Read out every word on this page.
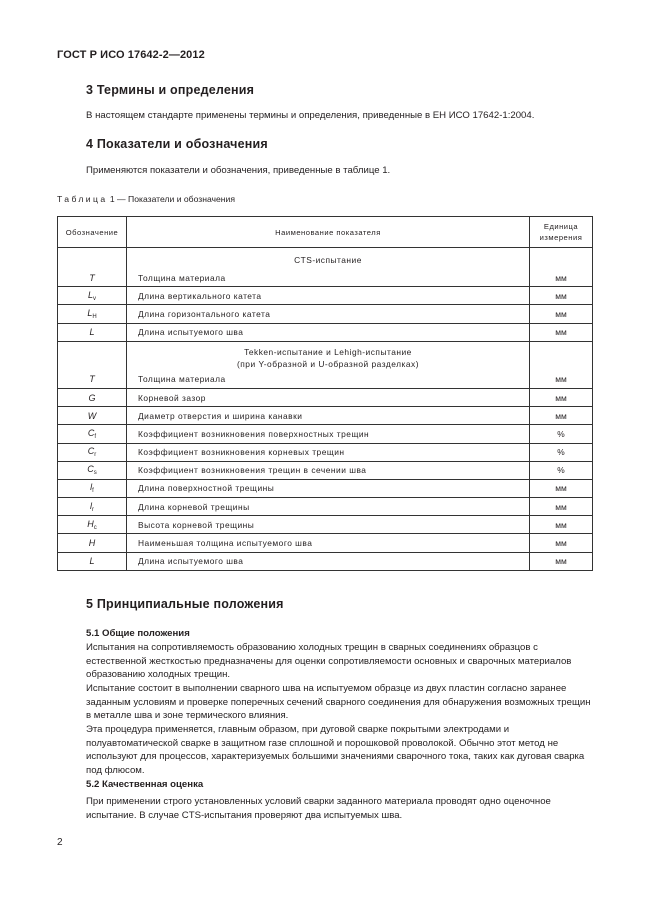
ГОСТ Р ИСО 17642-2—2012
3 Термины и определения
В настоящем стандарте применены термины и определения, приведенные в ЕН ИСО 17642-1:2004.
4 Показатели и обозначения
Применяются показатели и обозначения, приведенные в таблице 1.
Таблица 1 — Показатели и обозначения
Обозначение	Наименование показателя	Единица измерения
	CTS-испытание	
T	Толщина материала	мм
$L_v$	Длина вертикального катета	мм
$L_H$	Длина горизонтального катета	мм
L	Длина испытуемого шва	мм

	Tekken-испытание и Lehigh-испытание
(при Y-образной и U-образной разделках)	

T	Толщина материала	мм
G	Корневой зазор	мм
W	Диаметр отверстия и ширина канавки	мм
$C_f$	Коэффициент возникновения поверхностных трещин	%
$C_r$	Коэффициент возникновения корневых трещин	%
$C_s$	Коэффициент возникновения трещин в сечении шва	%
$l_f$	Длина поверхностной трещины	мм
$l_r$	Длина корневой трещины	мм
$H_c$	Высота корневой трещины	мм
H	Наименьшая толщина испытуемого шва	мм
L	Длина испытуемого шва	мм
5 Принципиальные положения
5.1 Общие положения
Испытания на сопротивляемость образованию холодных трещин в сварных соединениях образцов с естественной жесткостью предназначены для оценки сопротивляемости основных и сварочных материалов образованию холодных трещин.
Испытание состоит в выполнении сварного шва на испытуемом образце из двух пластин согласно заранее заданным условиям и проверке поперечных сечений сварного соединения для обнаружения возможных трещин в металле шва и зоне термического влияния.
Эта процедура применяется, главным образом, при дуговой сварке покрытыми электродами и полуавтоматической сварке в защитном газе сплошной и порошковой проволокой. Обычно этот метод не используют для процессов, характеризуемых большими значениями сварочного тока, таких как дуговая сварка под флюсом.
5.2 Качественная оценка
При применении строго установленных условий сварки заданного материала проводят одно оценочное испытание. В случае CTS-испытания проверяют два испытуемых шва.
2
